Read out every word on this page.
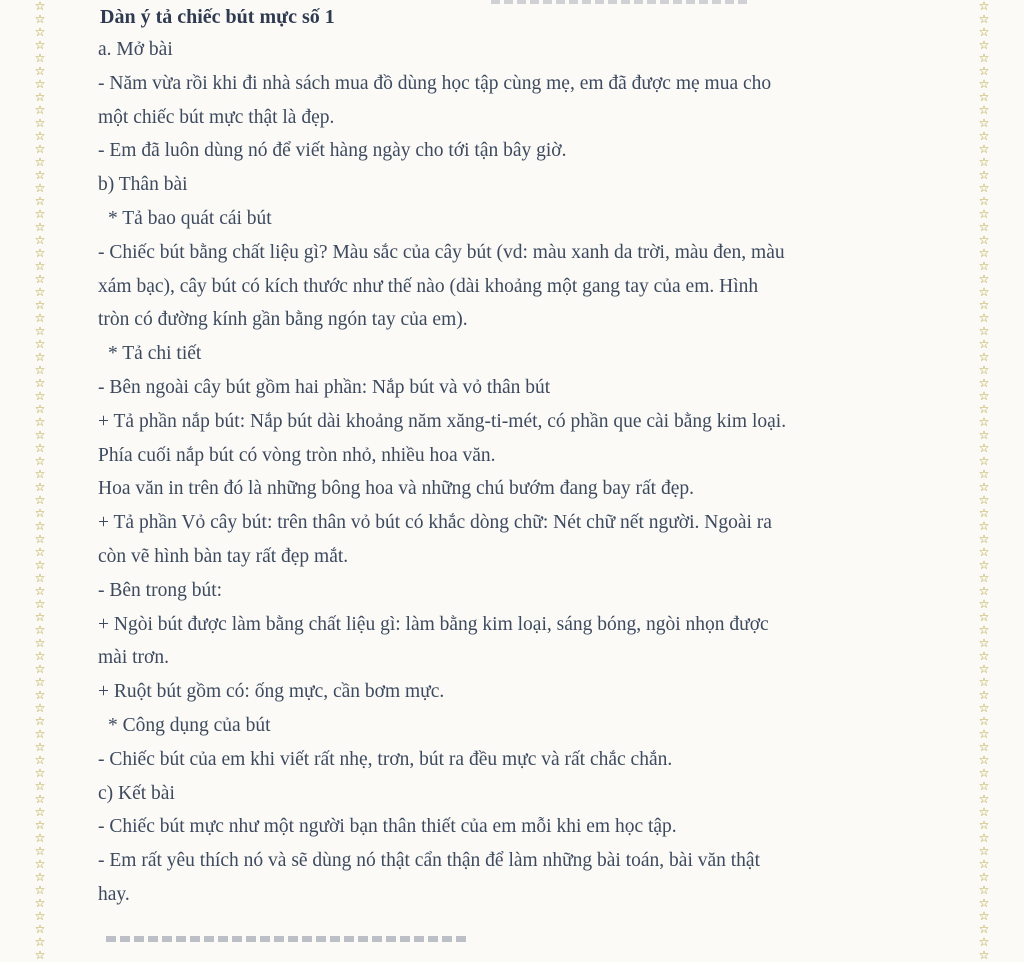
☆
☆
☆
☆
☆
☆
☆
☆
☆
☆
☆
☆
☆
☆
☆
☆
☆
☆
☆
☆
☆
☆
☆
☆
☆
☆
☆
☆
☆
☆
☆
☆
☆
☆
☆
☆
☆
☆
☆
☆
☆
☆
☆
☆
☆
☆
☆
☆
☆
☆
☆
☆
☆
☆
☆
☆
☆
☆
☆
☆
☆
☆
☆
☆
☆
☆
☆
☆
☆
☆
☆
☆
☆
☆
☆
☆
☆
☆
☆
☆
☆
☆
☆
☆
☆
☆
☆
☆
☆
☆
☆
☆
☆
☆
☆
☆
☆
☆
☆
☆
☆
☆
☆
☆
☆
☆
☆
☆
☆
☆
☆
☆
☆
☆
☆
☆
☆
☆
☆
☆
☆
☆
☆
☆
☆
☆
☆
☆
☆
☆
☆
☆
☆
☆
☆
☆
☆
☆
☆
☆
☆
☆
☆
☆
☆
☆
☆
☆
Dàn ý tả chiếc bút mực số 1
a. Mở bài
- Năm vừa rồi khi đi nhà sách mua đồ dùng học tập cùng mẹ, em đã được mẹ mua cho
một chiếc bút mực thật là đẹp.
- Em đã luôn dùng nó để viết hàng ngày cho tới tận bây giờ.
b) Thân bài
* Tả bao quát cái bút
- Chiếc bút bằng chất liệu gì? Màu sắc của cây bút (vd: màu xanh da trời, màu đen, màu
xám bạc), cây bút có kích thước như thế nào (dài khoảng một gang tay của em. Hình
tròn có đường kính gần bằng ngón tay của em).
* Tả chi tiết
- Bên ngoài cây bút gồm hai phần: Nắp bút và vỏ thân bút
+ Tả phần nắp bút: Nắp bút dài khoảng năm xăng-ti-mét, có phần que cài bằng kim loại.
Phía cuối nắp bút có vòng tròn nhỏ, nhiều hoa văn.
Hoa văn in trên đó là những bông hoa và những chú bướm đang bay rất đẹp.
+ Tả phần Vỏ cây bút: trên thân vỏ bút có khắc dòng chữ: Nét chữ nết người. Ngoài ra
còn vẽ hình bàn tay rất đẹp mắt.
- Bên trong bút:
+ Ngòi bút được làm bằng chất liệu gì: làm bằng kim loại, sáng bóng, ngòi nhọn được
mài trơn.
+ Ruột bút gồm có: ống mực, cần bơm mực.
* Công dụng của bút
- Chiếc bút của em khi viết rất nhẹ, trơn, bút ra đều mực và rất chắc chắn.
c) Kết bài
- Chiếc bút mực như một người bạn thân thiết của em mỗi khi em học tập.
- Em rất yêu thích nó và sẽ dùng nó thật cẩn thận để làm những bài toán, bài văn thật
hay.
